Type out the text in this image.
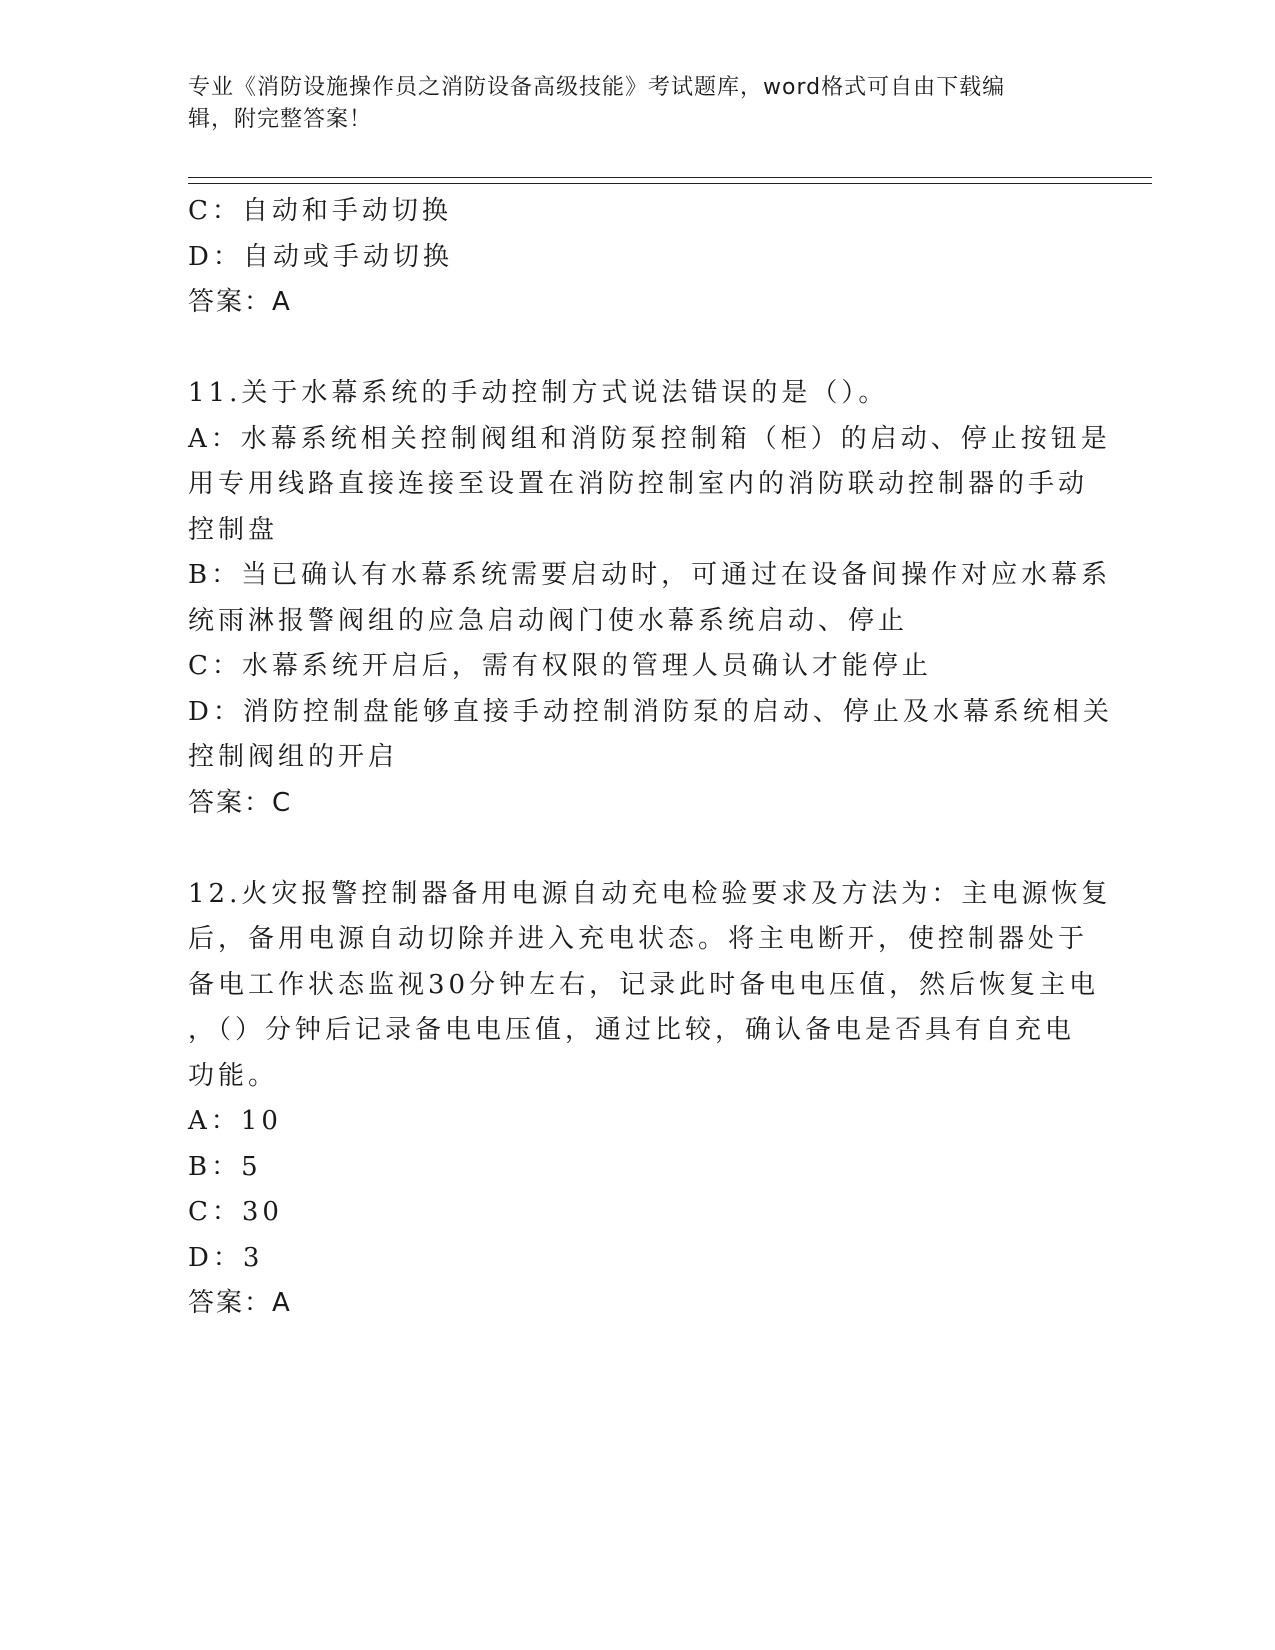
专业《消防设施操作员之消防设备高级技能》考试题库，word格式可自由下载编
辑，附完整答案！
C：自动和手动切换
D：自动或手动切换
答案：A
11.关于水幕系统的手动控制方式说法错误的是（）。
A：水幕系统相关控制阀组和消防泵控制箱（柜）的启动、停止按钮是
用专用线路直接连接至设置在消防控制室内的消防联动控制器的手动
控制盘
B：当已确认有水幕系统需要启动时，可通过在设备间操作对应水幕系
统雨淋报警阀组的应急启动阀门使水幕系统启动、停止
C：水幕系统开启后，需有权限的管理人员确认才能停止
D：消防控制盘能够直接手动控制消防泵的启动、停止及水幕系统相关
控制阀组的开启
答案：C
12.火灾报警控制器备用电源自动充电检验要求及方法为：主电源恢复
后，备用电源自动切除并进入充电状态。将主电断开，使控制器处于
备电工作状态监视30分钟左右，记录此时备电电压值，然后恢复主电
，（）分钟后记录备电电压值，通过比较，确认备电是否具有自充电
功能。
A：10
B：5
C：30
D：3
答案：A
